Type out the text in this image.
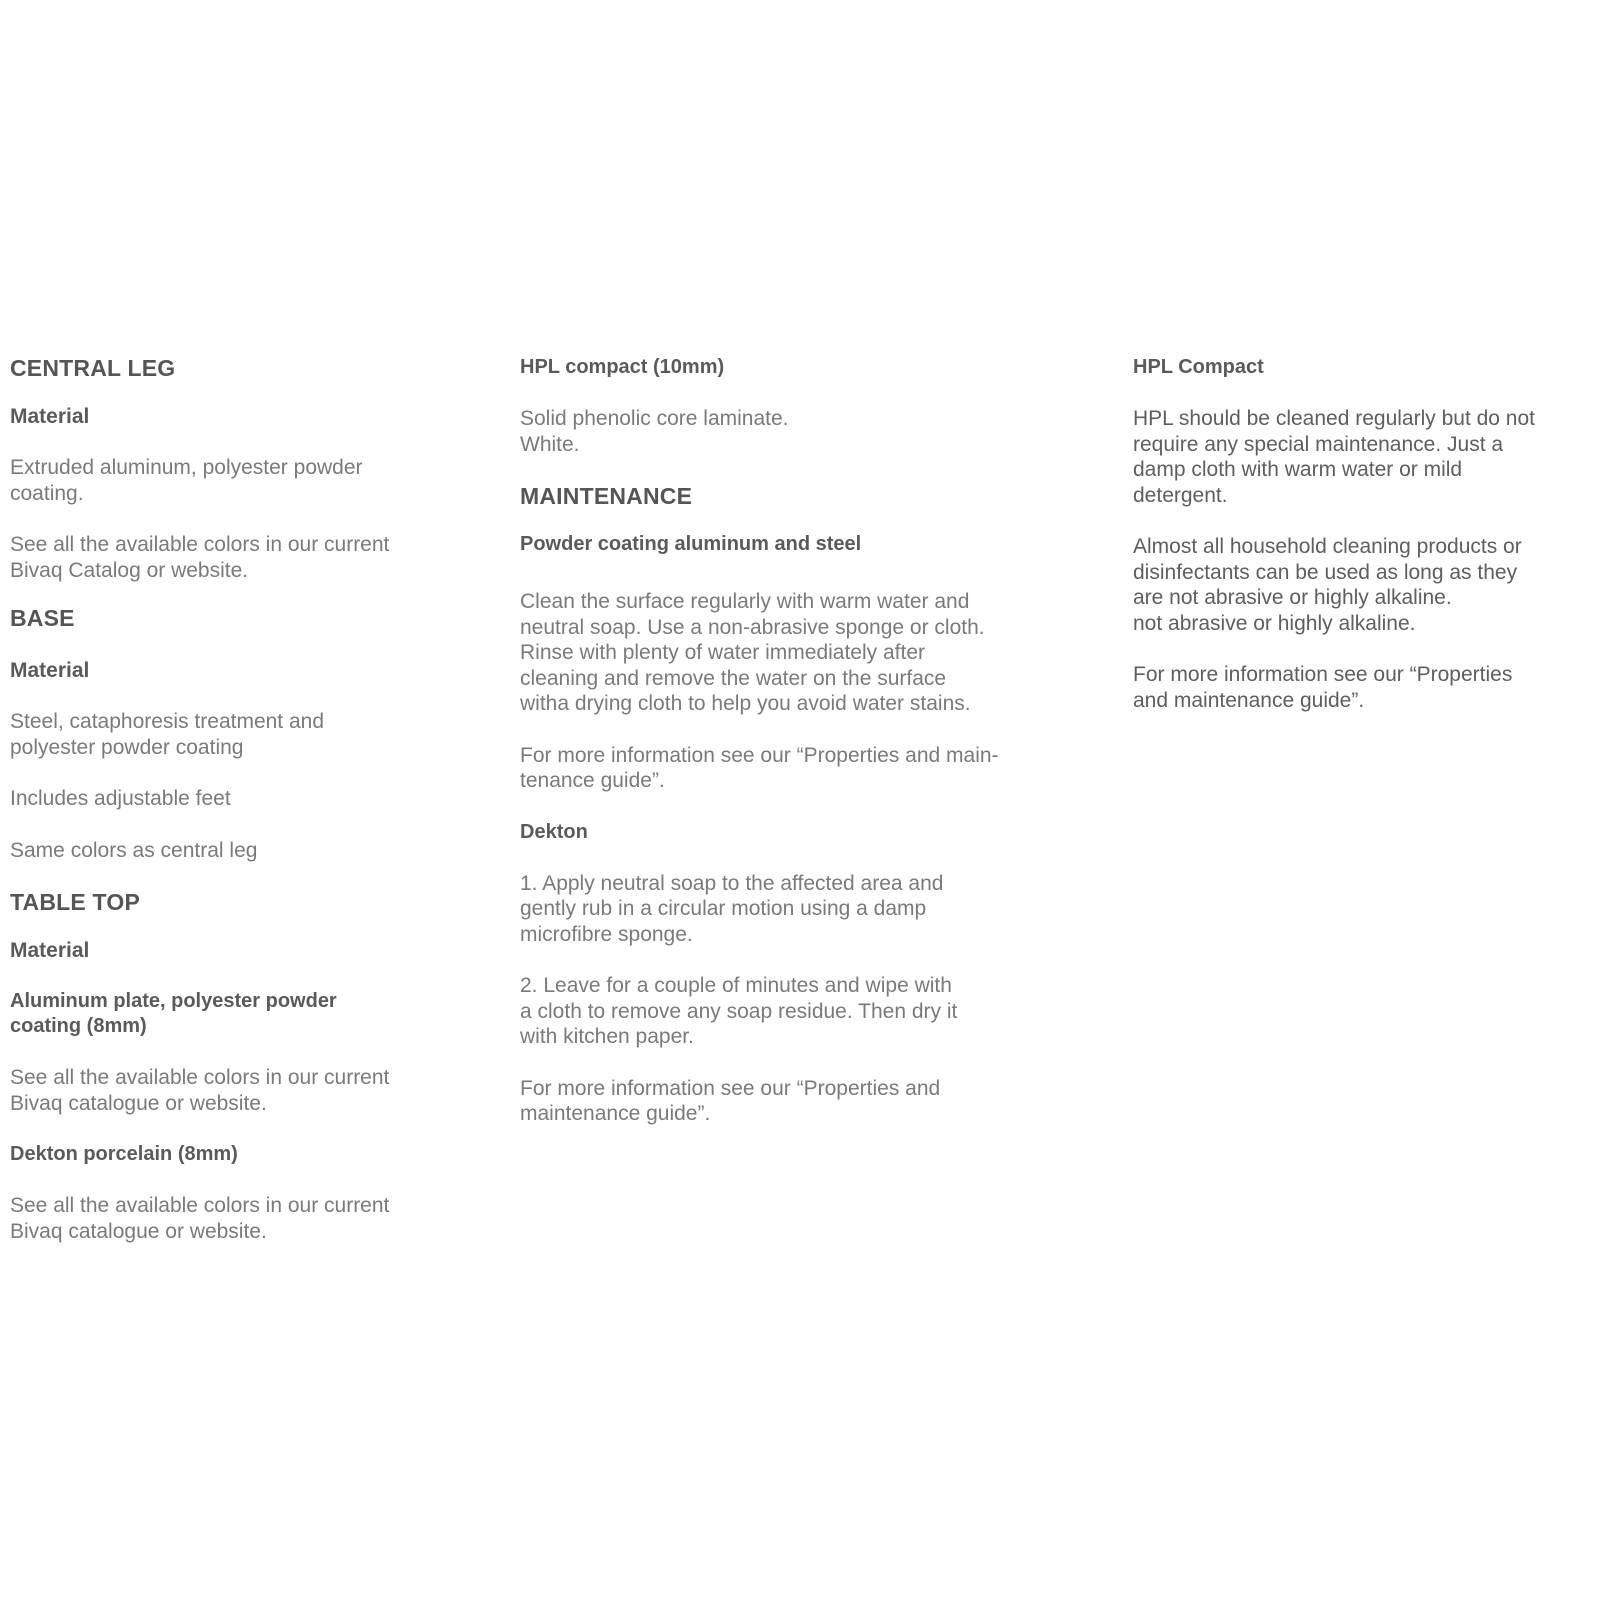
CENTRAL LEG
Material

Extruded aluminum, polyester powder
coating.

See all the available colors in our current
Bivaq Catalog or website.

BASE
Material

Steel, cataphoresis treatment and
polyester powder coating

Includes adjustable feet

Same colors as central leg

TABLE TOP
Material

Aluminum plate, polyester powder
coating (8mm)

See all the available colors in our current
Bivaq catalogue or website.

Dekton porcelain (8mm)

See all the available colors in our current
Bivaq catalogue or website.

HPL compact (10mm)

Solid phenolic core laminate.
White.

MAINTENANCE
Powder coating aluminum and steel

Clean the surface regularly with warm water and
neutral soap. Use a non-abrasive sponge or cloth.
Rinse with plenty of water immediately after
cleaning and remove the water on the surface
witha drying cloth to help you avoid water stains.

For more information see our “Properties and main-
tenance guide”.

Dekton

1. Apply neutral soap to the affected area and
gently rub in a circular motion using a damp
microfibre sponge.

2. Leave for a couple of minutes and wipe with
a cloth to remove any soap residue. Then dry it
with kitchen paper.

For more information see our “Properties and
maintenance guide”.

HPL Compact

HPL should be cleaned regularly but do not
require any special maintenance. Just a
damp cloth with warm water or mild
detergent.

Almost all household cleaning products or
disinfectants can be used as long as they
are not abrasive or highly alkaline.
not abrasive or highly alkaline.

For more informatiοn see our “Properties
and maintenance guide”.
